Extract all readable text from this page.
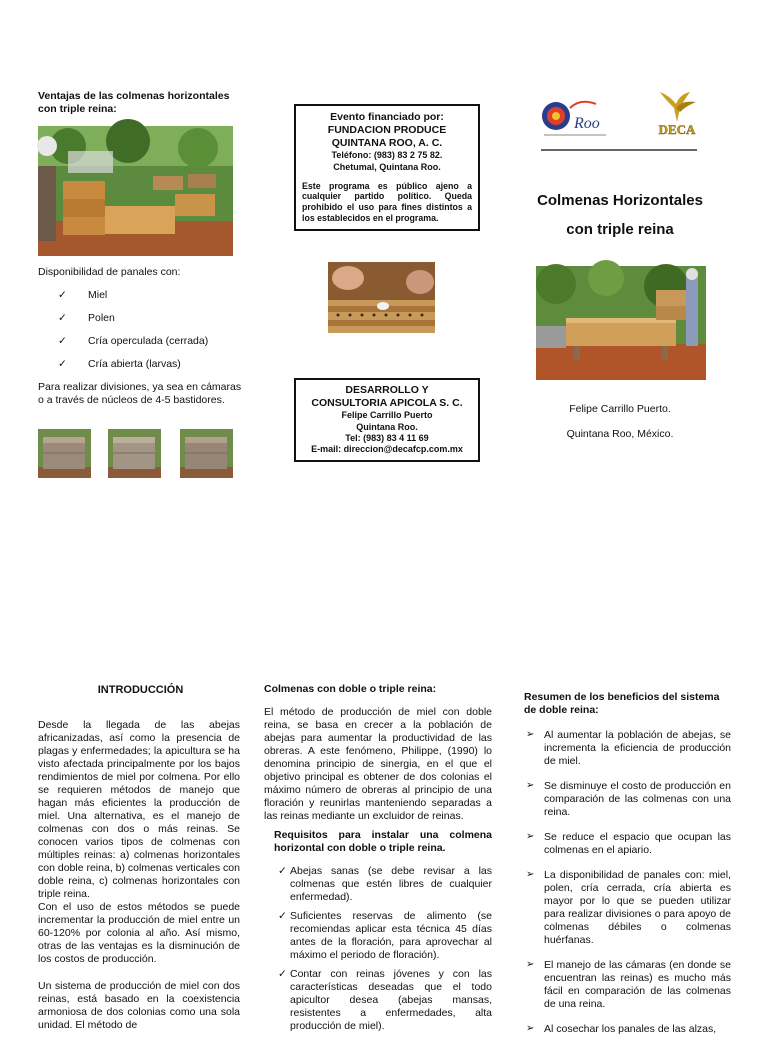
Ventajas de las colmenas horizontales con triple reina:
Disponibilidad de panales con:
✓ Miel
✓ Polen
✓ Cría operculada (cerrada)
✓ Cría abierta (larvas)
Para realizar divisiones, ya sea en cámaras o a través de núcleos de 4-5 bastidores.
Evento financiado por:
FUNDACION PRODUCE
QUINTANA ROO, A. C.
Teléfono: (983) 83 2 75 82.
Chetumal, Quintana Roo.
Este programa es público ajeno a cualquier partido político. Queda prohibido el uso para fines distintos a los establecidos en el programa.
DESARROLLO Y
CONSULTORIA APICOLA S. C.
Felipe Carrillo Puerto
Quintana Roo.
Tel: (983) 83 4 11 69
E-mail: direccion@decafcp.com.mx
Roo	DECA
Colmenas Horizontales
con triple reina
Felipe Carrillo Puerto.
Quintana Roo, México.
INTRODUCCIÓN

Desde la llegada de las abejas africanizadas, así como la presencia de plagas y enfermedades; la apicultura se ha visto afectada principalmente por los bajos rendimientos de miel por colmena. Por ello se requieren métodos de manejo que hagan más eficientes la producción de miel. Una alternativa, es el manejo de colmenas con dos o más reinas. Se conocen varios tipos de colmenas con múltiples reinas: a) colmenas horizontales con doble reina, b) colmenas verticales con doble reina, c) colmenas horizontales con triple reina.

Con el uso de estos métodos se puede incrementar la producción de miel entre un 60-120% por colonia al año. Así mismo, otras de las ventajas es la disminución de los costos de producción.

Un sistema de producción de miel con dos reinas, está basado en la coexistencia armoniosa de dos colonias como una sola unidad. El método de

Colmenas con doble o triple reina:
El método de producción de miel con doble reina, se basa en crecer a la población de abejas para aumentar la productividad de las obreras. A este fenómeno, Philippe, (1990) lo denomina principio de sinergia, en el que el objetivo principal es obtener de dos colonias el máximo número de obreras al principio de una floración y reunirlas manteniendo separadas a las reinas mediante un excluidor de reinas.
Requisitos para instalar una colmena horizontal con doble o triple reina.
✓ Abejas sanas (se debe revisar a las colmenas que estén libres de cualquier enfermedad).
✓ Suficientes reservas de alimento (se recomiendas aplicar esta técnica 45 días antes de la floración, para aprovechar al máximo el periodo de floración).
✓ Contar con reinas jóvenes y con las características deseadas que el todo apicultor desea (abejas mansas, resistentes a enfermedades, alta producción de miel).
Resumen de los beneficios del sistema de doble reina:
➢ Al aumentar la población de abejas, se incrementa la eficiencia de producción de miel.
➢ Se disminuye el costo de producción en comparación de las colmenas con una reina.
➢ Se reduce el espacio que ocupan las colmenas en el apiario.
➢ La disponibilidad de panales con: miel, polen, cría cerrada, cría abierta es mayor por lo que se pueden utilizar para realizar divisiones o para apoyo de colmenas débiles o colmenas huérfanas.
➢ El manejo de las cámaras (en donde se encuentran las reinas) es mucho más fácil en comparación de las colmenas de una reina.
➢ Al cosechar los panales de las alzas,
